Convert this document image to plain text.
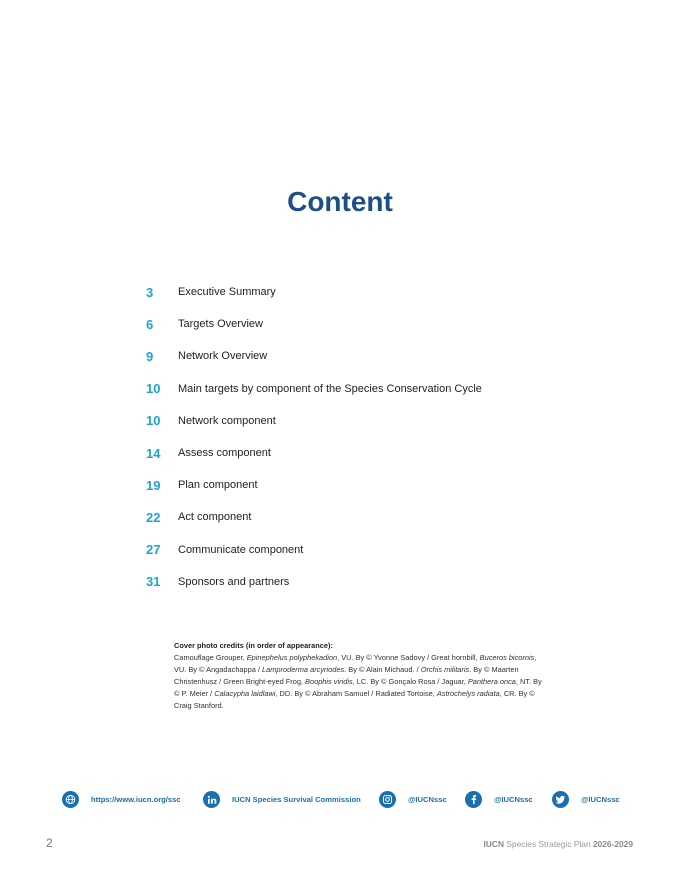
Content
3	Executive Summary
6	Targets Overview
9	Network Overview
10	Main targets by component of the Species Conservation Cycle
10	Network component
14	Assess component
19	Plan component
22	Act component
27	Communicate component
31	Sponsors and partners
Cover photo credits (in order of appearance):
Camouflage Grouper, Epinephelus polyphekadion, VU. By © Yvonne Sadovy / Great hornbill, Buceros bicornis, VU. By © Angadachappa / Lamproderma arcyriodes. By © Alain Michaud. / Orchis militaris. By © Maarten Christenhusz / Green Bright-eyed Frog, Boophis viridis, LC. By © Gonçalo Rosa / Jaguar, Panthera onca, NT. By © P. Meier / Calacypha laidlawi, DD. By © Abraham Samuel / Radiated Tortoise, Astrochelys radiata, CR. By © Craig Stanford.
https://www.iucn.org/ssc	IUCN Species Survival Commission	@IUCNssc	@IUCNssc	@IUCNssc
2	IUCN Species Strategic Plan 2026-2029
